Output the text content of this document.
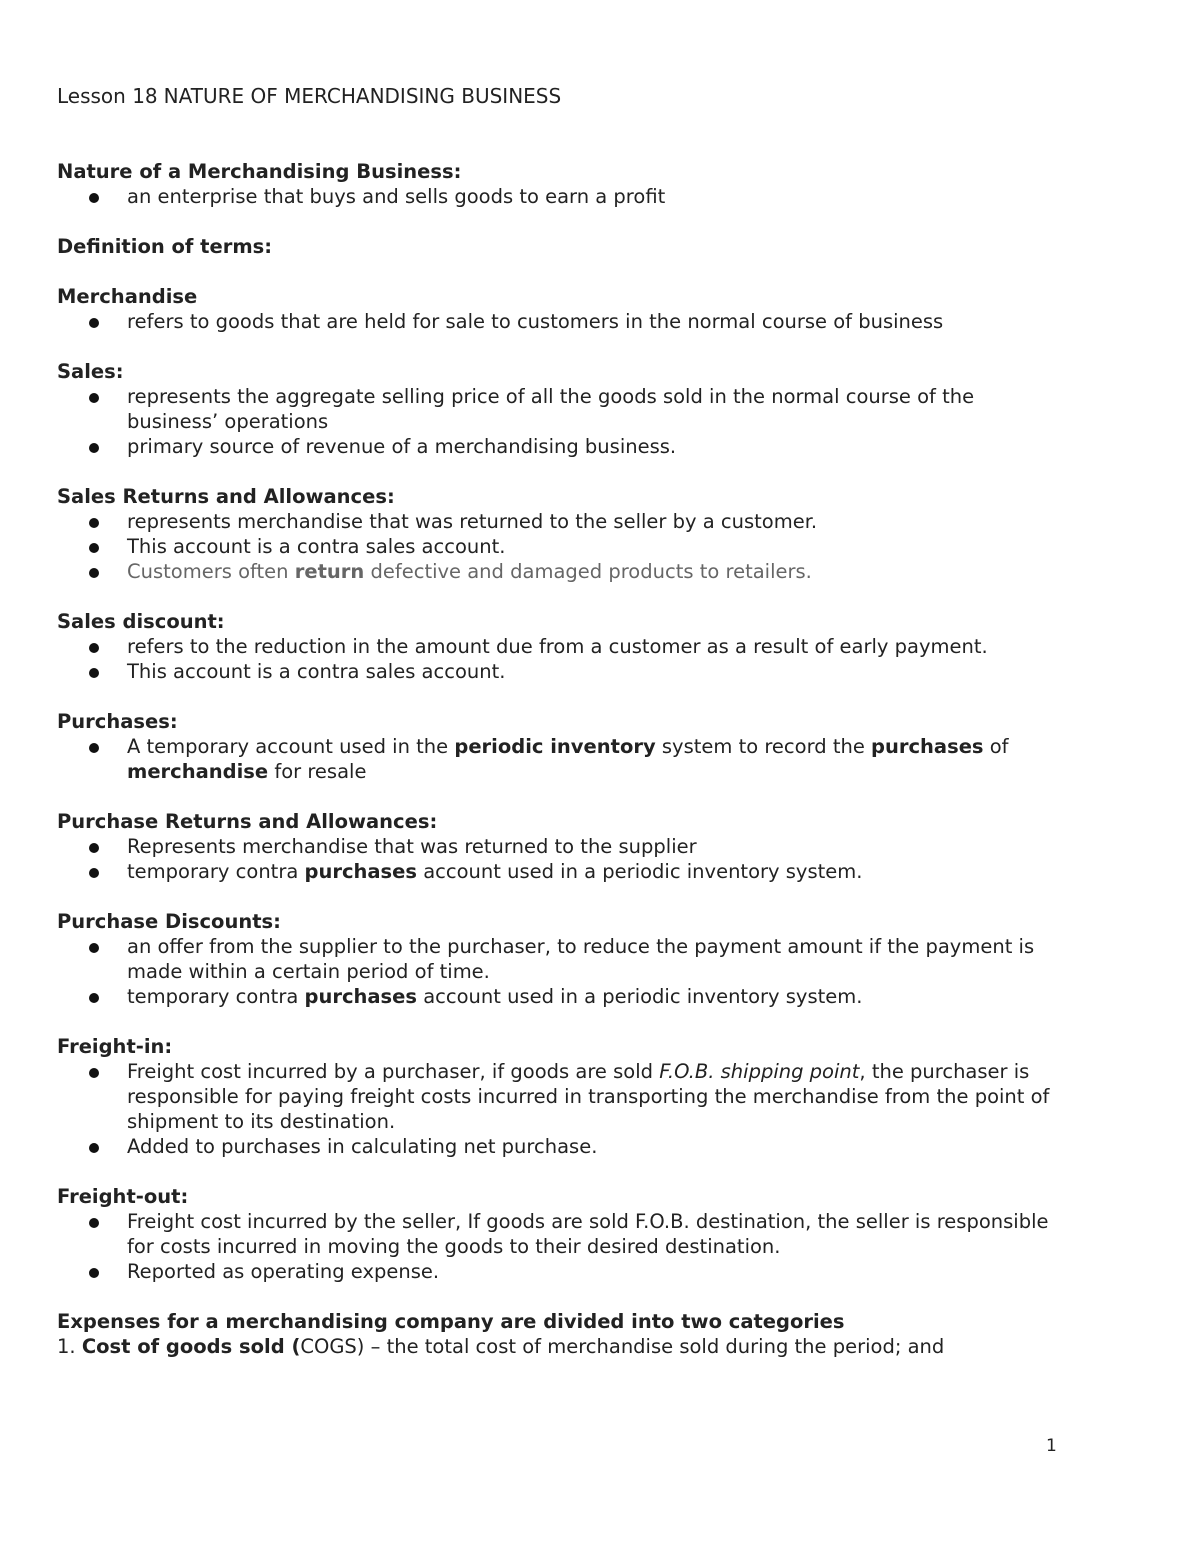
Lesson 18 NATURE OF MERCHANDISING BUSINESS

Nature of a Merchandising Business:

an enterprise that buys and sells goods to earn a profit

Definition of terms:

Merchandise

refers to goods that are held for sale to customers in the normal course of business

Sales:

represents the aggregate selling price of all the goods sold in the normal course of the business’ operations
primary source of revenue of a merchandising business.

Sales Returns and Allowances:

represents merchandise that was returned to the seller by a customer.
This account is a contra sales account.
Customers often return defective and damaged products to retailers.

Sales discount:

refers to the reduction in the amount due from a customer as a result of early payment.
This account is a contra sales account.

Purchases:

A temporary account used in the periodic inventory system to record the purchases of merchandise for resale

Purchase Returns and Allowances:

Represents merchandise that was returned to the supplier
temporary contra purchases account used in a periodic inventory system.

Purchase Discounts:

an offer from the supplier to the purchaser, to reduce the payment amount if the payment is made within a certain period of time.
temporary contra purchases account used in a periodic inventory system.

Freight-in:

Freight cost incurred by a purchaser, if goods are sold F.O.B. shipping point, the purchaser is responsible for paying freight costs incurred in transporting the merchandise from the point of shipment to its destination.
Added to purchases in calculating net purchase.

Freight-out:

Freight cost incurred by the seller, If goods are sold F.O.B. destination, the seller is responsible for costs incurred in moving the goods to their desired destination.
Reported as operating expense.

Expenses for a merchandising company are divided into two categories

1. Cost of goods sold (COGS) – the total cost of merchandise sold during the period; and

1
